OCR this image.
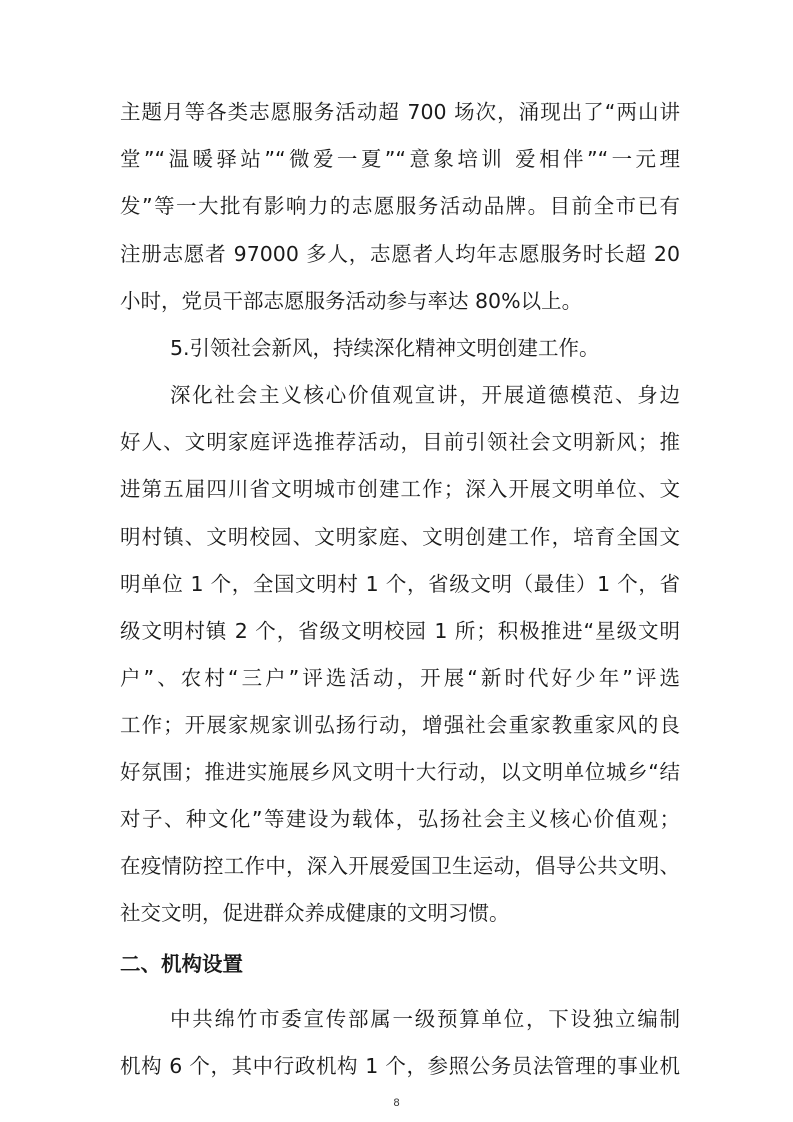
主题月等各类志愿服务活动超 700 场次，涌现出了“两山讲
堂”“温暖驿站”“微爱一夏”“意象培训 爱相伴”“一元理
发”等一大批有影响力的志愿服务活动品牌。目前全市已有
注册志愿者 97000 多人，志愿者人均年志愿服务时长超 20
小时，党员干部志愿服务活动参与率达 80%以上。
5.引领社会新风，持续深化精神文明创建工作。
深化社会主义核心价值观宣讲，开展道德模范、身边
好人、文明家庭评选推荐活动，目前引领社会文明新风；推
进第五届四川省文明城市创建工作；深入开展文明单位、文
明村镇、文明校园、文明家庭、文明创建工作，培育全国文
明单位 1 个，全国文明村 1 个，省级文明（最佳）1 个，省
级文明村镇 2 个，省级文明校园 1 所；积极推进“星级文明
户”、农村“三户”评选活动，开展“新时代好少年”评选
工作；开展家规家训弘扬行动，增强社会重家教重家风的良
好氛围；推进实施展乡风文明十大行动，以文明单位城乡“结
对子、种文化”等建设为载体，弘扬社会主义核心价值观；
在疫情防控工作中，深入开展爱国卫生运动，倡导公共文明、
社交文明，促进群众养成健康的文明习惯。
二、机构设置
中共绵竹市委宣传部属一级预算单位，下设独立编制
机构 6 个，其中行政机构 1 个，参照公务员法管理的事业机
8
